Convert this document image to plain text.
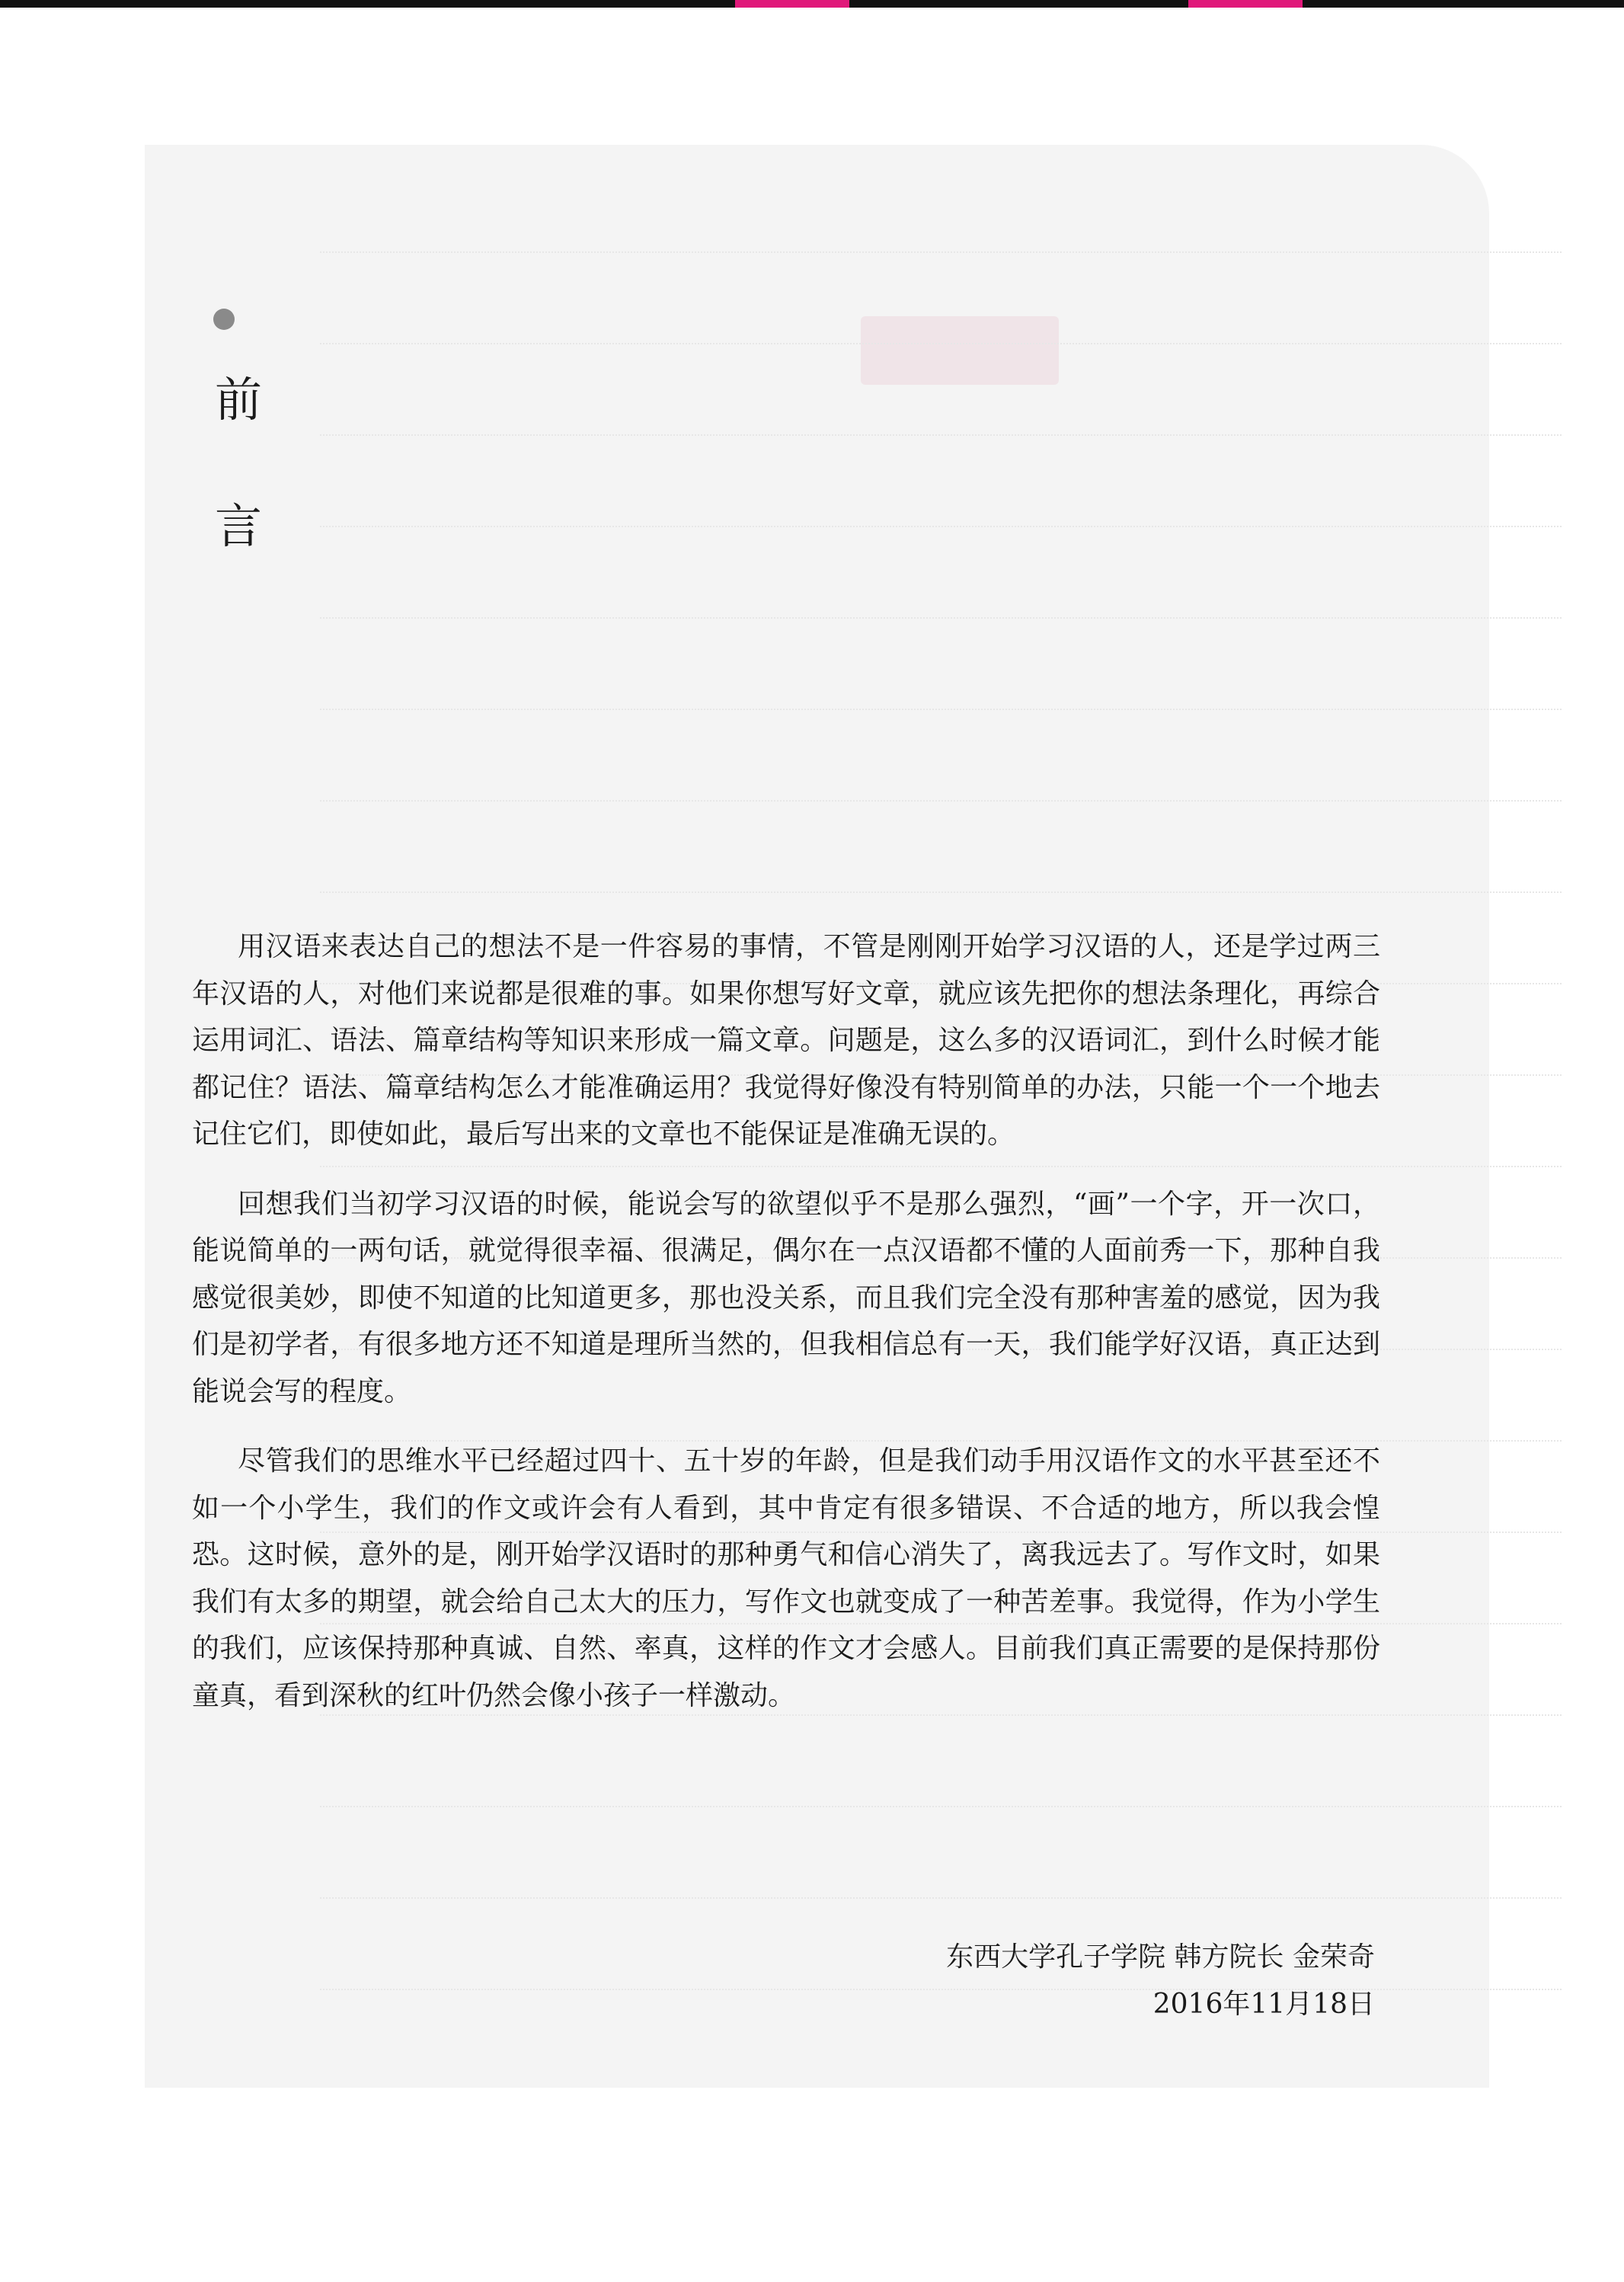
前
言

用汉语来表达自己的想法不是一件容易的事情，不管是刚刚开始学习汉语的人，还是学过两三年汉语的人，对他们来说都是很难的事。如果你想写好文章，就应该先把你的想法条理化，再综合运用词汇、语法、篇章结构等知识来形成一篇文章。问题是，这么多的汉语词汇，到什么时候才能都记住？语法、篇章结构怎么才能准确运用？我觉得好像没有特别简单的办法，只能一个一个地去记住它们，即使如此，最后写出来的文章也不能保证是准确无误的。

回想我们当初学习汉语的时候，能说会写的欲望似乎不是那么强烈，“画”一个字，开一次口，能说简单的一两句话，就觉得很幸福、很满足，偶尔在一点汉语都不懂的人面前秀一下，那种自我感觉很美妙，即使不知道的比知道更多，那也没关系，而且我们完全没有那种害羞的感觉，因为我们是初学者，有很多地方还不知道是理所当然的，但我相信总有一天，我们能学好汉语，真正达到能说会写的程度。

尽管我们的思维水平已经超过四十、五十岁的年龄，但是我们动手用汉语作文的水平甚至还不如一个小学生，我们的作文或许会有人看到，其中肯定有很多错误、不合适的地方，所以我会惶恐。这时候，意外的是，刚开始学汉语时的那种勇气和信心消失了，离我远去了。写作文时，如果我们有太多的期望，就会给自己太大的压力，写作文也就变成了一种苦差事。我觉得，作为小学生的我们，应该保持那种真诚、自然、率真，这样的作文才会感人。目前我们真正需要的是保持那份童真，看到深秋的红叶仍然会像小孩子一样激动。

东西大学孔子学院 韩方院长 金荣奇
2016年11月18日
